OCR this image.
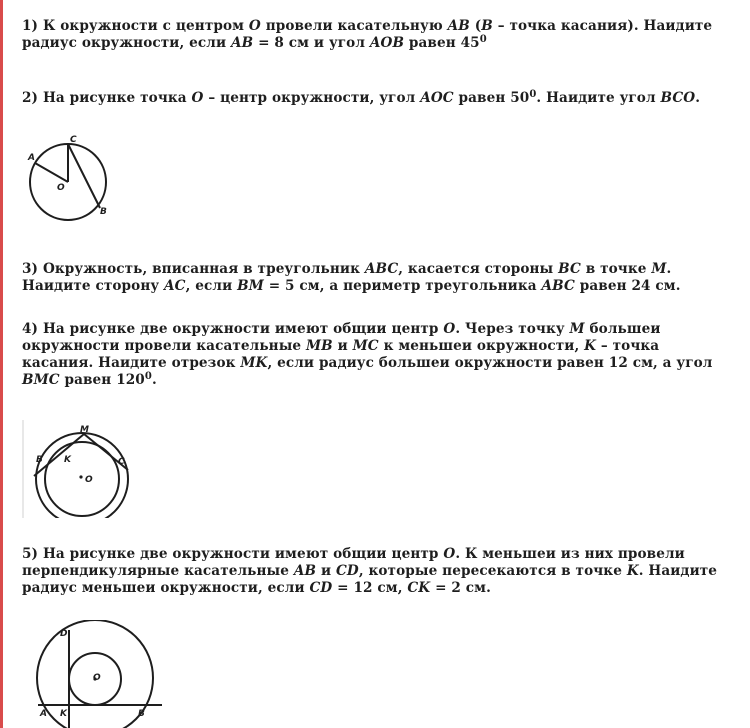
1) К окружности с центром O провели касательную AB (B – точка касания). Наидите радиус окружности, если AB = 8 см и угол AOB равен $45^0$
2) На рисунке точка O – центр окружности, угол AOC равен $50^0$. Наидите угол BCO.
A
C
O
B
3) Окружность, вписанная в треугольник ABC, касается стороны BC в точке M. Наидите сторону AC, если BM = 5 см, а периметр треугольника ABC равен 24 см.
4) На рисунке две окружности имеют общии центр O. Через точку M большеи окружности провели касательные MB и MC к меньшеи окружности, K – точка касания. Наидите отрезок MK, если радиус большеи окружности равен 12 см, а угол BMC равен $120^0$.
M
B K	C
O
5) На рисунке две окружности имеют общии центр O. К меньшеи из них провели перпендикулярные касательные AB и CD, которые пересекаются в точке K. Наидите радиус меньшеи окружности, если CD = 12 см, CK = 2 см.
D
O
A K	B
